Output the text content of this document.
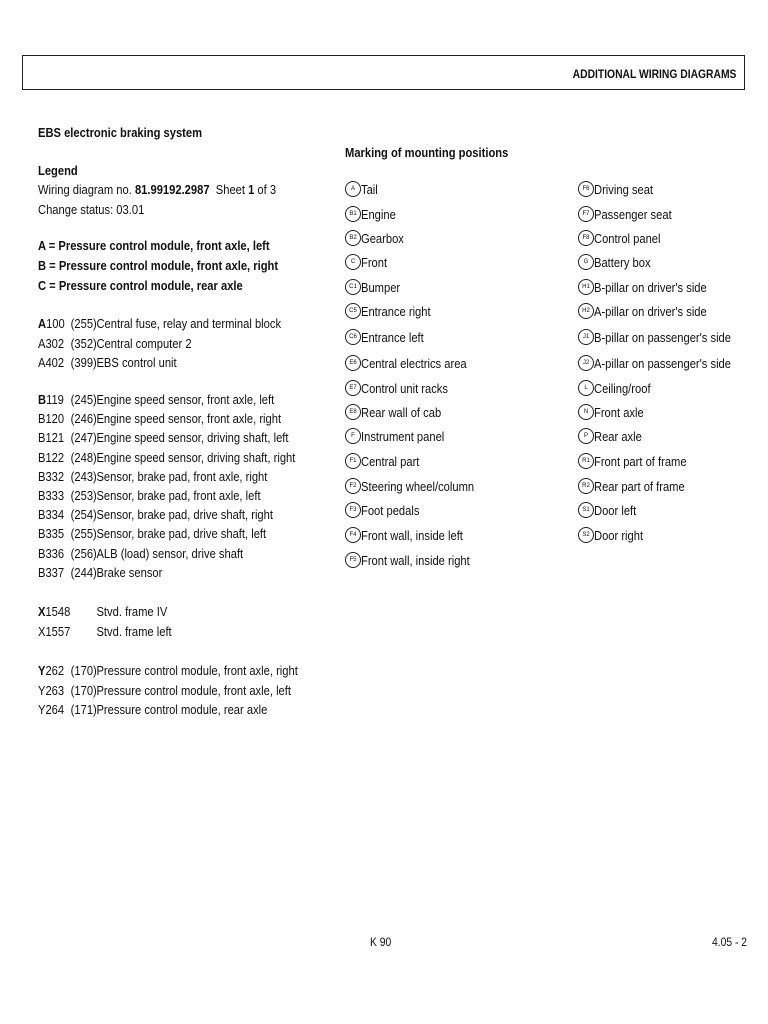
ADDITIONAL WIRING DIAGRAMS
EBS electronic braking system
Legend
Wiring diagram no. 81.99192.2987  Sheet 1 of 3
Change status: 03.01
A = Pressure control module, front axle, left
B = Pressure control module, front axle, right
C = Pressure control module, rear axle
A100 (255)Central fuse, relay and terminal block
A302 (352)Central computer 2
A402 (399)EBS control unit
B119 (245)Engine speed sensor, front axle, left
B120 (246)Engine speed sensor, front axle, right
B121 (247)Engine speed sensor, driving shaft, left
B122 (248)Engine speed sensor, driving shaft, right
B332 (243)Sensor, brake pad, front axle, right
B333 (253)Sensor, brake pad, front axle, left
B334 (254)Sensor, brake pad, drive shaft, right
B335 (255)Sensor, brake pad, drive shaft, left
B336 (256)ALB (load) sensor, drive shaft
B337 (244)Brake sensor
X1548 Stvd. frame IV
X1557 Stvd. frame left
Y262 (170)Pressure control module, front axle, right
Y263 (170)Pressure control module, front axle, left
Y264 (171)Pressure control module, rear axle
Marking of mounting positions
A Tail
B1 Engine
B2 Gearbox
C Front
C1 Bumper
C5 Entrance right
C6 Entrance left
E6 Central electrics area
E7 Control unit racks
E8 Rear wall of cab
F Instrument panel
F1 Central part
F2 Steering wheel/column
F3 Foot pedals
F4 Front wall, inside left
F5 Front wall, inside right
F6 Driving seat
F7 Passenger seat
F8 Control panel
G Battery box
H1 B-pillar on driver's side
H2 A-pillar on driver's side
J1 B-pillar on passenger's side
J2 A-pillar on passenger's side
L Ceiling/roof
N Front axle
P Rear axle
R1 Front part of frame
R2 Rear part of frame
S1 Door left
S2 Door right
K 90	4.05 - 2
